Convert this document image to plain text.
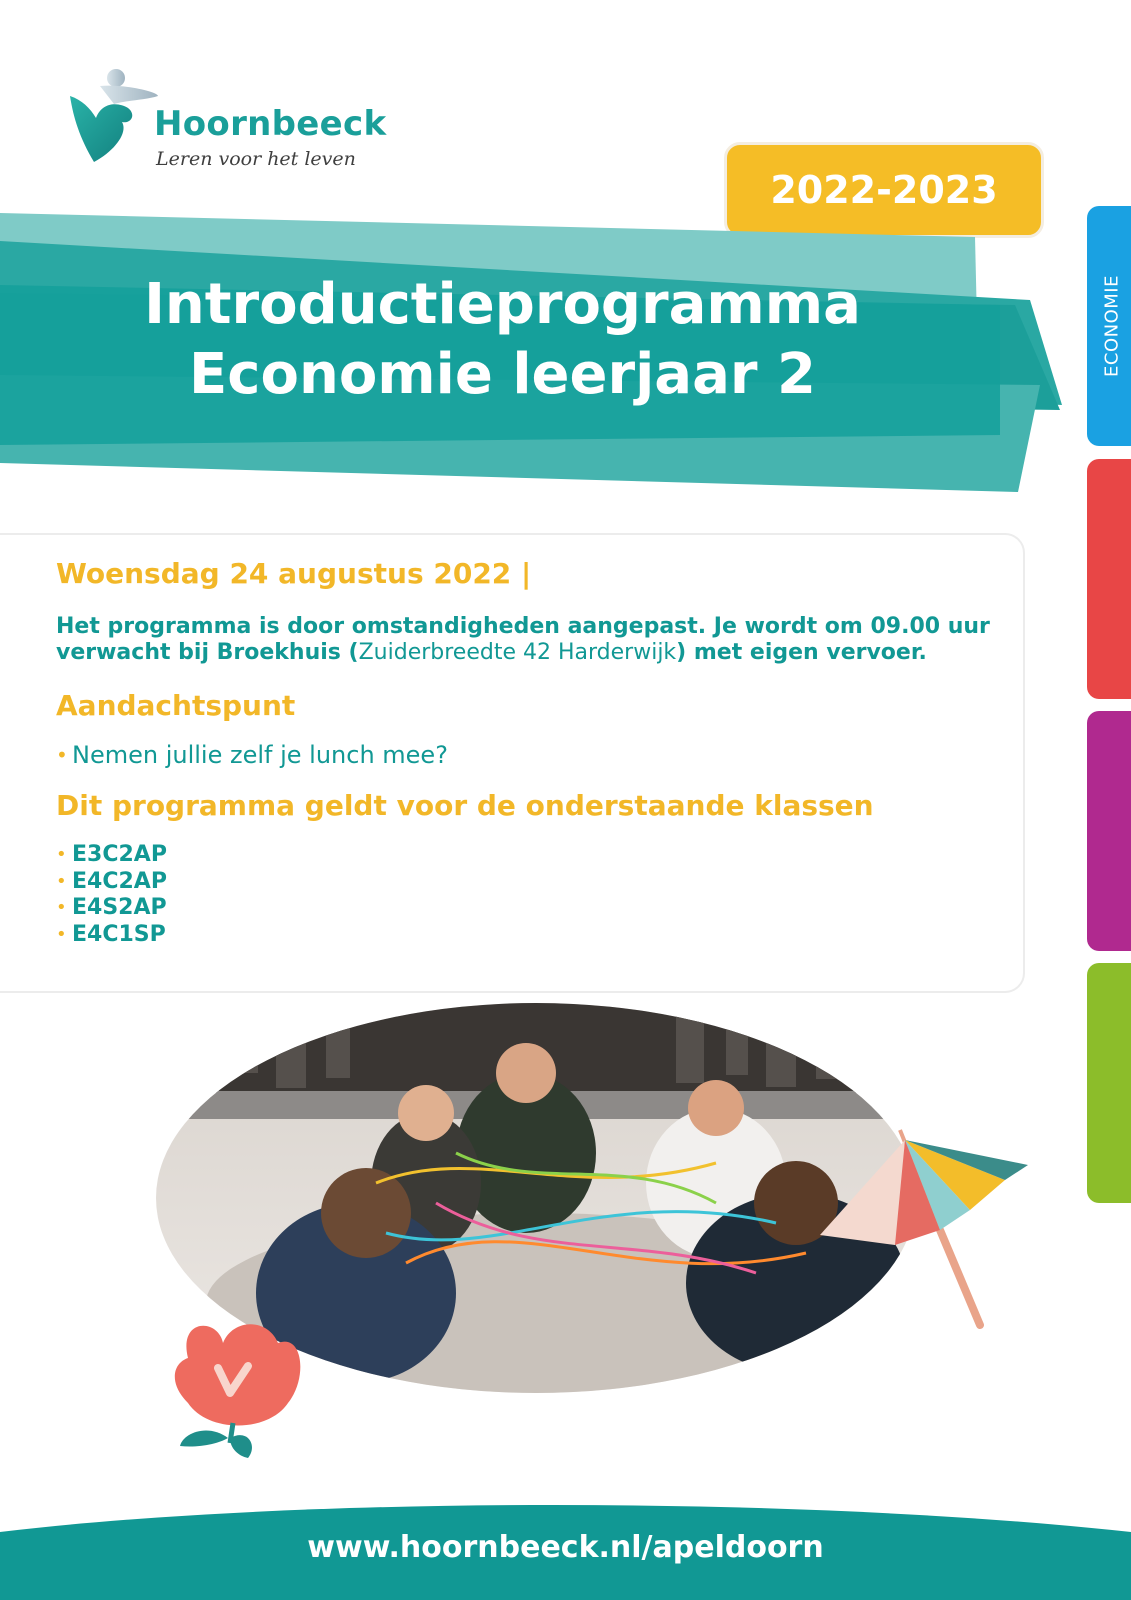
Hoornbeeck
Leren voor het leven
2022-2023
ECONOMIE
Introductieprogramma
Economie leerjaar 2
Woensdag 24 augustus 2022 |

Het programma is door omstandigheden aangepast. Je wordt om 09.00 uur verwacht bij Broekhuis (Zuiderbreedte 42 Harderwijk) met eigen vervoer.

Aandachtspunt
• Nemen jullie zelf je lunch mee?
Dit programma geldt voor de onderstaande klassen
• E3C2AP
• E4C2AP
• E4S2AP
• E4C1SP
www.hoornbeeck.nl/apeldoorn
